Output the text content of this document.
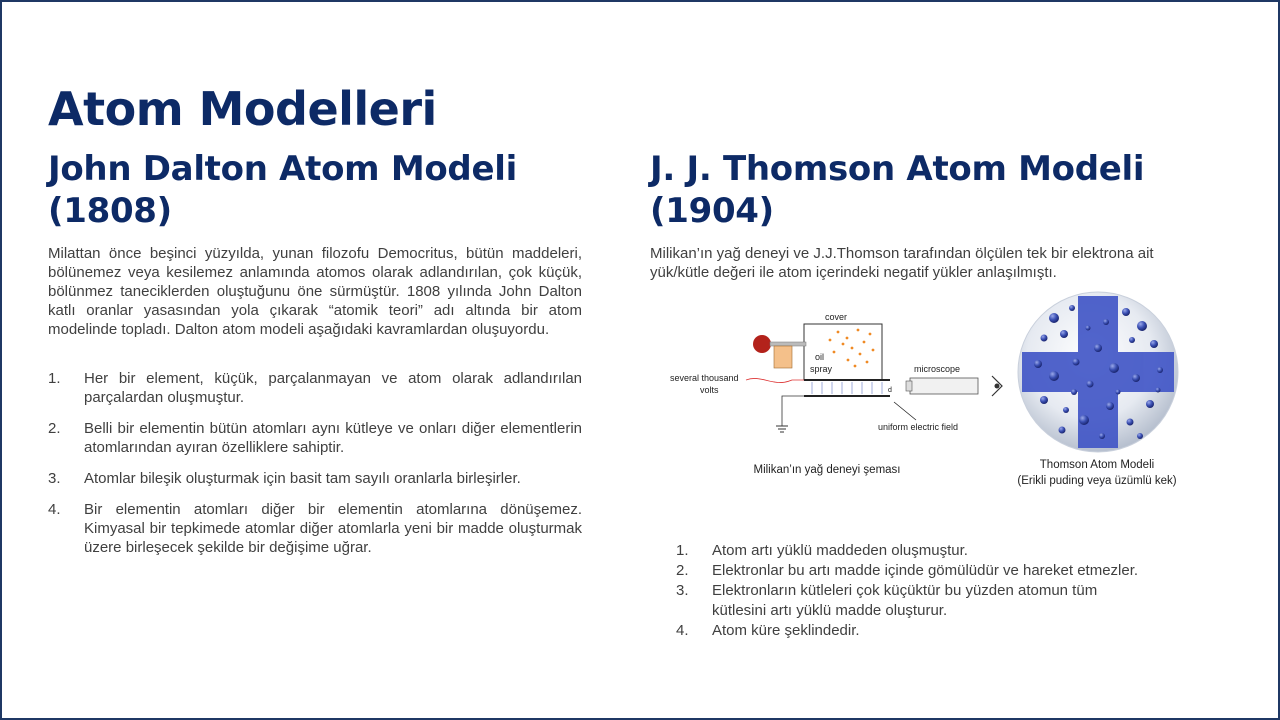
Atom Modelleri
John Dalton Atom Modeli
(1808)
Milattan önce beşinci yüzyılda, yunan filozofu Democritus, bütün maddeleri, bölünemez veya kesilemez anlamında atomos olarak adlandırılan, çok küçük, bölünmez taneciklerden oluştuğunu öne sürmüştür. 1808 yılında John Dalton katlı oranlar yasasından yola çıkarak “atomik teori” adı altında bir atom modelinde topladı. Dalton atom modeli aşağıdaki kavramlardan oluşuyordu.
1. Her bir element, küçük, parçalanmayan ve atom olarak adlandırılan parçalardan oluşmuştur.
2. Belli bir elementin bütün atomları aynı kütleye ve onları diğer elementlerin atomlarından ayıran özelliklere sahiptir.
3. Atomlar bileşik oluşturmak için basit tam sayılı oranlarla birleşirler.
4. Bir elementin atomları diğer bir elementin atomlarına dönüşemez. Kimyasal bir tepkimede atomlar diğer atomlarla yeni bir madde oluşturmak üzere birleşecek şekilde bir değişime uğrar.
J. J. Thomson Atom Modeli
(1904)
Milikan’ın yağ deneyi ve J.J.Thomson tarafından ölçülen tek bir elektrona ait yük/kütle değeri ile atom içerindeki negatif yükler anlaşılmıştı.
cover
oil
spray
d
several thousand
volts
uniform electric field
microscope
Milikan’ın yağ deneyi şeması	Thomson Atom Modeli
(Erikli puding veya üzümlü kek)
1. Atom artı yüklü maddeden oluşmuştur.
2. Elektronlar bu artı madde içinde gömülüdür ve hareket etmezler.
3. Elektronların kütleleri çok küçüktür bu yüzden atomun tüm kütlesini artı yüklü madde oluşturur.
4. Atom küre şeklindedir.
